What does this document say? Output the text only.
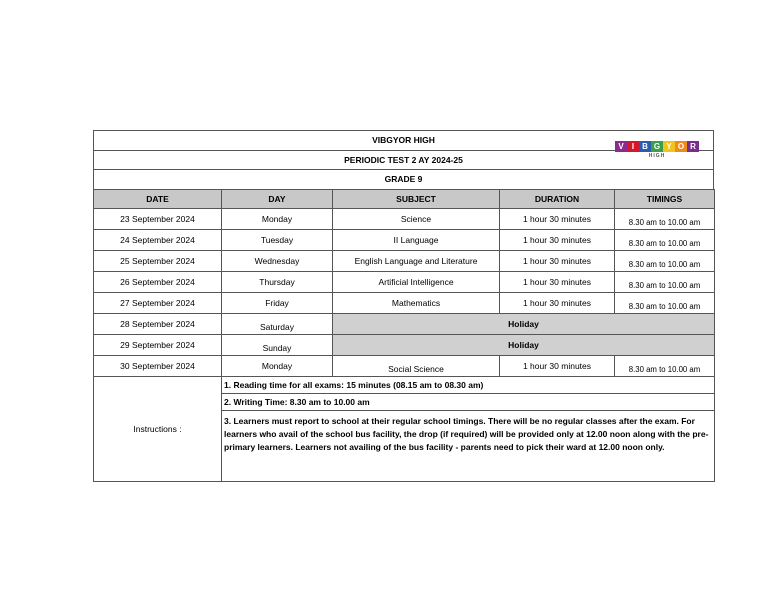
VIBGYOR HIGH
V	I	B G Y O R
HIGH
PERIODIC TEST 2 AY 2024-25
GRADE 9
DATE	DAY	SUBJECT	DURATION	TIMINGS
23 September 2024	Monday	Science	1 hour 30 minutes	8.30 am to 10.00 am
24 September 2024	Tuesday	II Language	1 hour 30 minutes	8.30 am to 10.00 am
25 September 2024	Wednesday	English Language and Literature	1 hour 30 minutes	8.30 am to 10.00 am
26 September 2024	Thursday	Artificial Intelligence	1 hour 30 minutes	8.30 am to 10.00 am
27 September 2024	Friday	Mathematics	1 hour 30 minutes	8.30 am to 10.00 am
28 September 2024	Saturday	Holiday		
29 September 2024	Sunday	Holiday		
30 September 2024	Monday	Social Science	1 hour 30 minutes	8.30 am to 10.00 am
Instructions :	1. Reading time for all exams: 15 minutes (08.15 am to 08.30 am)
2. Writing Time: 8.30 am to 10.00 am
3. Learners must report to school at their regular school timings. There will be no regular classes after the exam. For learners who avail of the school bus facility, the drop (if required) will be provided only at 12.00 noon along with the pre-primary learners. Learners not availing of the bus facility - parents need to pick their ward at 12.00 noon only.			
